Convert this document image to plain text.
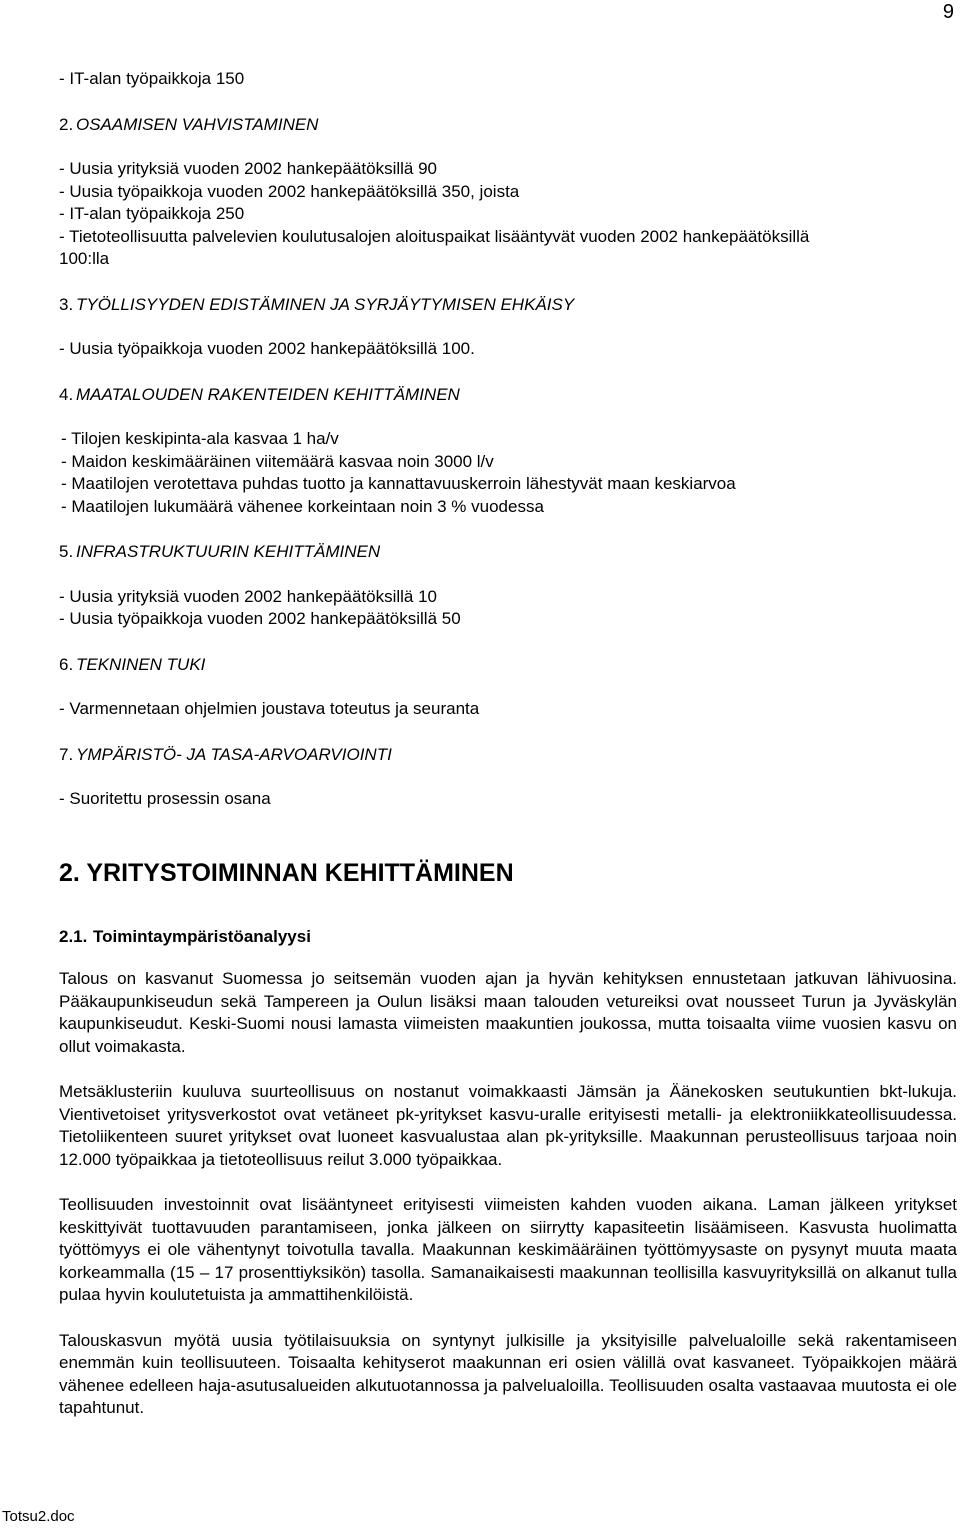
9
- IT-alan työpaikkoja 150
2. OSAAMISEN VAHVISTAMINEN
- Uusia yrityksiä vuoden 2002 hankepäätöksillä 90
- Uusia työpaikkoja vuoden 2002 hankepäätöksillä 350, joista
- IT-alan työpaikkoja 250
- Tietoteollisuutta palvelevien koulutusalojen aloituspaikat lisääntyvät vuoden 2002 hankepäätöksillä
100:lla
3. TYÖLLISYYDEN EDISTÄMINEN JA SYRJÄYTYMISEN EHKÄISY
- Uusia työpaikkoja vuoden 2002 hankepäätöksillä 100.
4. MAATALOUDEN RAKENTEIDEN KEHITTÄMINEN
- Tilojen keskipinta-ala kasvaa 1 ha/v
- Maidon keskimääräinen viitemäärä kasvaa noin 3000 l/v
- Maatilojen verotettava puhdas tuotto ja kannattavuuskerroin lähestyvät maan keskiarvoa
- Maatilojen lukumäärä vähenee korkeintaan noin 3 % vuodessa
5. INFRASTRUKTUURIN KEHITTÄMINEN
- Uusia yrityksiä vuoden 2002 hankepäätöksillä 10
- Uusia työpaikkoja vuoden 2002 hankepäätöksillä 50
6. TEKNINEN TUKI
- Varmennetaan ohjelmien joustava toteutus ja seuranta
7. YMPÄRISTÖ- JA TASA-ARVOARVIOINTI
- Suoritettu prosessin osana
2. YRITYSTOIMINNAN KEHITTÄMINEN
2.1. Toimintaympäristöanalyysi

Talous on kasvanut Suomessa jo seitsemän vuoden ajan ja hyvän kehityksen ennustetaan jatkuvan lähivuosina. Pääkaupunkiseudun sekä Tampereen ja Oulun lisäksi maan talouden vetureiksi ovat nousseet Turun ja Jyväskylän kaupunkiseudut. Keski-Suomi nousi lamasta viimeisten maakuntien joukossa, mutta toisaalta viime vuosien kasvu on ollut voimakasta.

Metsäklusteriin kuuluva suurteollisuus on nostanut voimakkaasti Jämsän ja Äänekosken seutukuntien bkt-lukuja. Vientivetoiset yritysverkostot ovat vetäneet pk-yritykset kasvu-uralle erityisesti metalli- ja elektroniikkateollisuudessa. Tietoliikenteen suuret yritykset ovat luoneet kasvualustaa alan pk-yrityksille. Maakunnan perusteollisuus tarjoaa noin 12.000 työpaikkaa ja tietoteollisuus reilut 3.000 työpaikkaa.

Teollisuuden investoinnit ovat lisääntyneet erityisesti viimeisten kahden vuoden aikana. Laman jälkeen yritykset keskittyivät tuottavuuden parantamiseen, jonka jälkeen on siirrytty kapasiteetin lisäämiseen. Kasvusta huolimatta työttömyys ei ole vähentynyt toivotulla tavalla. Maakunnan keskimääräinen työttömyysaste on pysynyt muuta maata korkeammalla (15 – 17 prosenttiyksikön) tasolla. Samanaikaisesti maakunnan teollisilla kasvuyrityksillä on alkanut tulla pulaa hyvin koulutetuista ja ammattihenkilöistä.

Talouskasvun myötä uusia työtilaisuuksia on syntynyt julkisille ja yksityisille palvelualoille sekä rakentamiseen enemmän kuin teollisuuteen. Toisaalta kehityserot maakunnan eri osien välillä ovat kasvaneet. Työpaikkojen määrä vähenee edelleen haja-asutusalueiden alkutuotannossa ja palvelualoilla. Teollisuuden osalta vastaavaa muutosta ei ole tapahtunut.

Totsu2.doc
